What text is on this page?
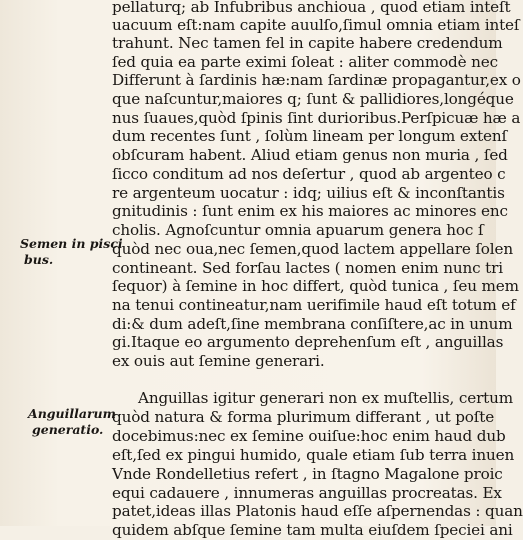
Semen in pisci
bus.
Anguillarum
generatio.
pellaturq; ab Infubribus anchioua , quod etiam inteſt
uacuum eſt:nam capite auulſo,ſimul omnia etiam inteſ
trahunt. Nec tamen fel in capite habere credendum
ſed quia ea parte eximi ſoleat : aliter commodè nec
Differunt à ſardinis hæ:nam ſardinæ propagantur,ex o
que naſcuntur,maiores q; ſunt & pallidiores,longéque
nus ſuaues,quòd ſpinis ſint durioribus.Perſpicuæ hæ a
dum recentes ſunt , ſolùm lineam per longum extenſ
obſcuram habent. Aliud etiam genus non muria , ſed
ſicco conditum ad nos deſertur , quod ab argenteo c
re argenteum uocatur : idq; uilius eſt & inconſtantis
gnitudinis : ſunt enim ex his maiores ac minores enc
cholis. Agnoſcuntur omnia apuarum genera hoc ſ
quòd nec oua,nec ſemen,quod lactem appellare ſolen
contineant. Sed forſau lactes ( nomen enim nunc tri
ſequor) à ſemine in hoc differt, quòd tunica , ſeu mem
na tenui contineatur,nam uerifimile haud eſt totum ef
di:& dum adeſt,ſine membrana conſiſtere,ac in unum
gi.Itaque eo argumento deprehenſum eſt , anguillas
ex ouis aut ſemine generari.
Anguillas igitur generari non ex muſtellis, certum
quòd natura & forma plurimum differant , ut poſte
docebimus:nec ex ſemine ouiſue:hoc enim haud dub
eſt,ſed ex pingui humido, quale etiam ſub terra inuen
Vnde Rondelletius refert , in ſtagno Magalone proic
equi cadauere , innumeras anguillas procreatas. Ex
patet,ideas illas Platonis haud eſſe aſpernendas : quan
quidem abſque ſemine tam multa eiuſdem ſpeciei ani
